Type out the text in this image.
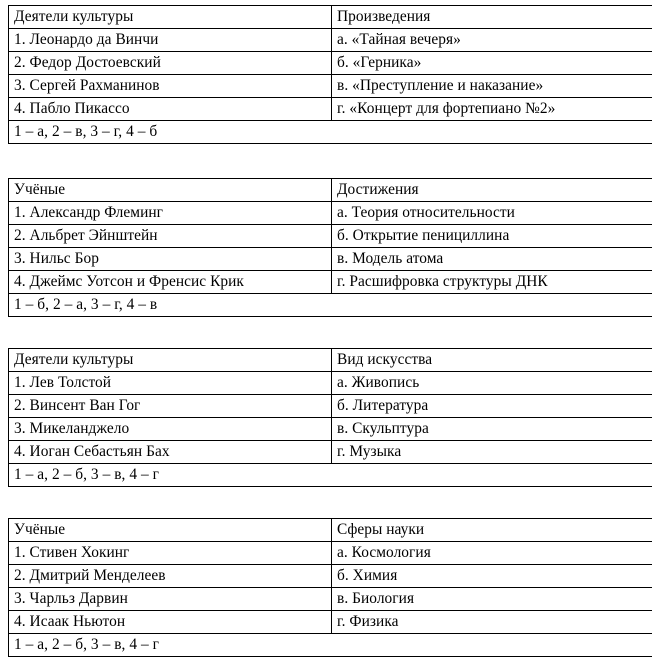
Деятели культуры	Произведения
1. Леонардо да Винчи	а. «Тайная вечеря»
2. Федор Достоевский	б. «Герника»
3. Сергей Рахманинов	в. «Преступление и наказание»
4. Пабло Пикассо	г. «Концерт для фортепиано №2»
1 – а, 2 – в, 3 – г, 4 – б	
Учёные	Достижения
1. Александр Флеминг	а. Теория относительности
2. Альбрет Эйнштейн	б. Открытие пенициллина
3. Нильс Бор	в. Модель атома
4. Джеймс Уотсон и Френсис Крик	г. Расшифровка структуры ДНК
1 – б, 2 – а, 3 – г, 4 – в	
Деятели культуры	Вид искусства
1. Лев Толстой	а. Живопись
2. Винсент Ван Гог	б. Литература
3. Микеланджело	в. Скульптура
4. Иоган Себастьян Бах	г. Музыка
1 – а, 2 – б, 3 – в, 4 – г	
Учёные	Сферы науки
1. Стивен Хокинг	а. Космология
2. Дмитрий Менделеев	б. Химия
3. Чарльз Дарвин	в. Биология
4. Исаак Ньютон	г. Физика
1 – а, 2 – б, 3 – в, 4 – г	
